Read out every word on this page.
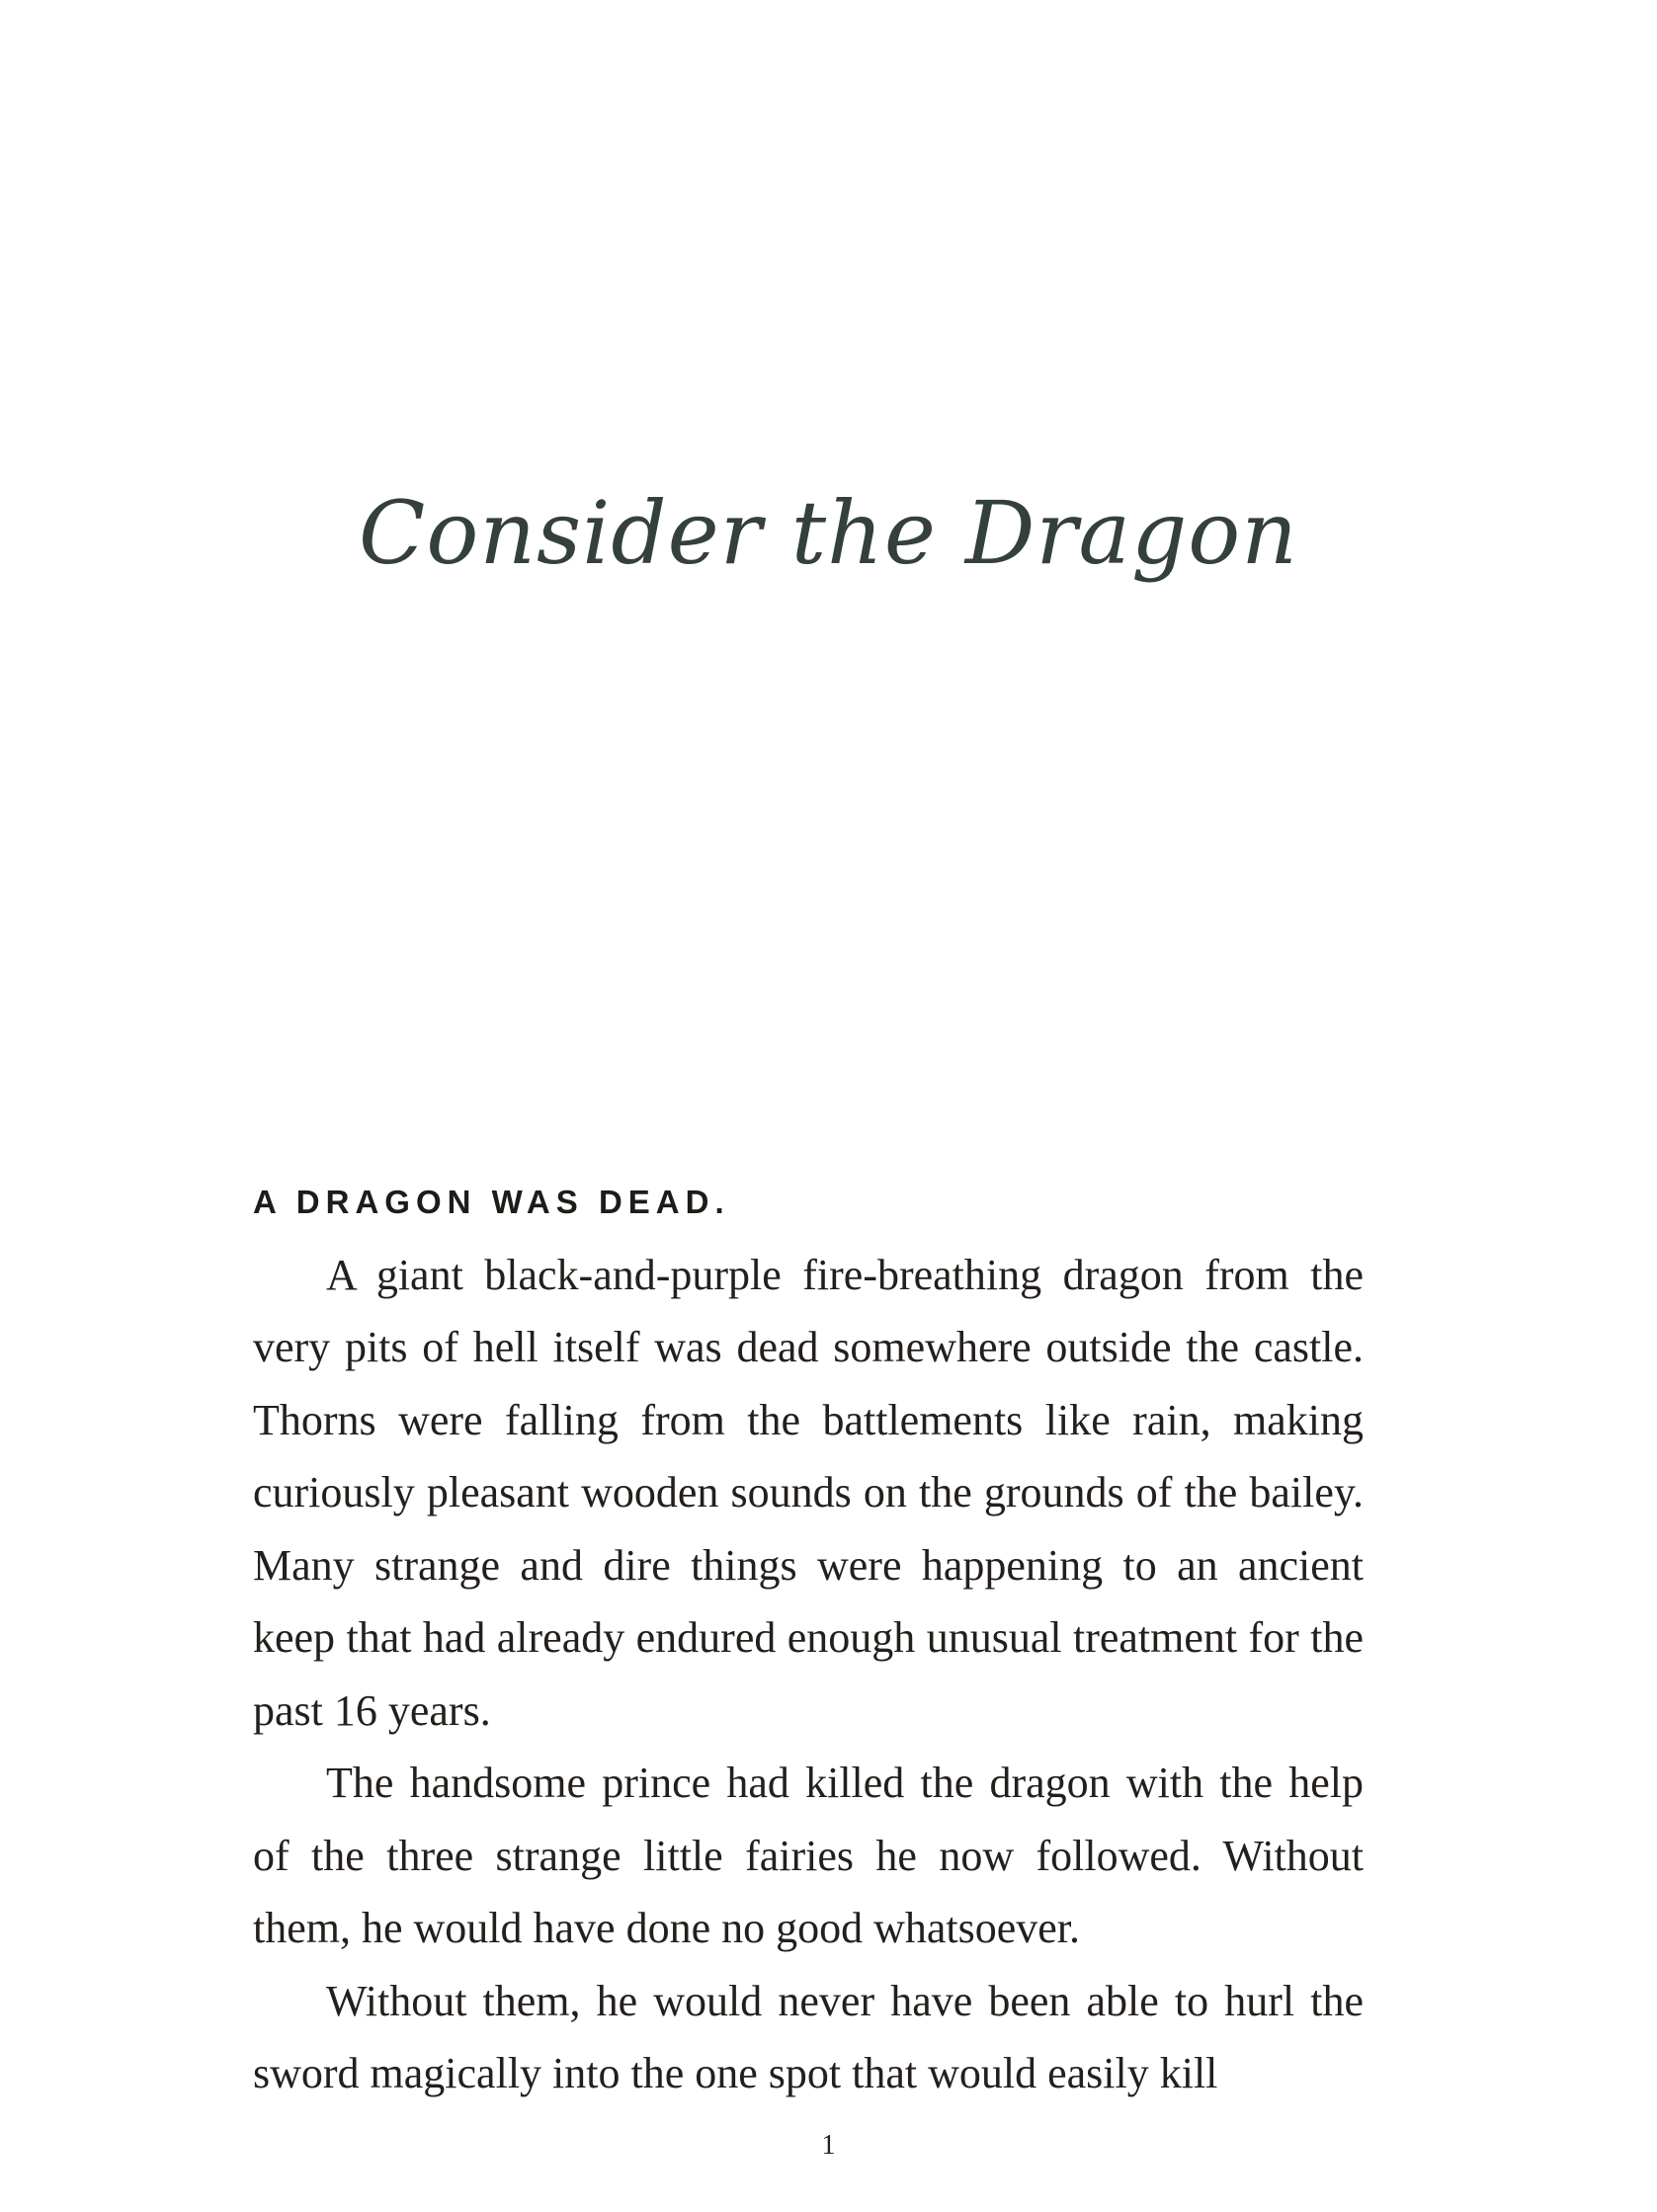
Consider the Dragon

A DRAGON WAS DEAD.

A giant black-and-purple fire-breathing dragon from the very pits of hell itself was dead somewhere outside the castle. Thorns were falling from the battlements like rain, making curiously pleasant wooden sounds on the grounds of the bailey. Many strange and dire things were happening to an ancient keep that had already endured enough unusual treatment for the past 16 years.

The handsome prince had killed the dragon with the help of the three strange little fairies he now followed. Without them, he would have done no good whatsoever.

Without them, he would never have been able to hurl the sword magically into the one spot that would easily kill

1
